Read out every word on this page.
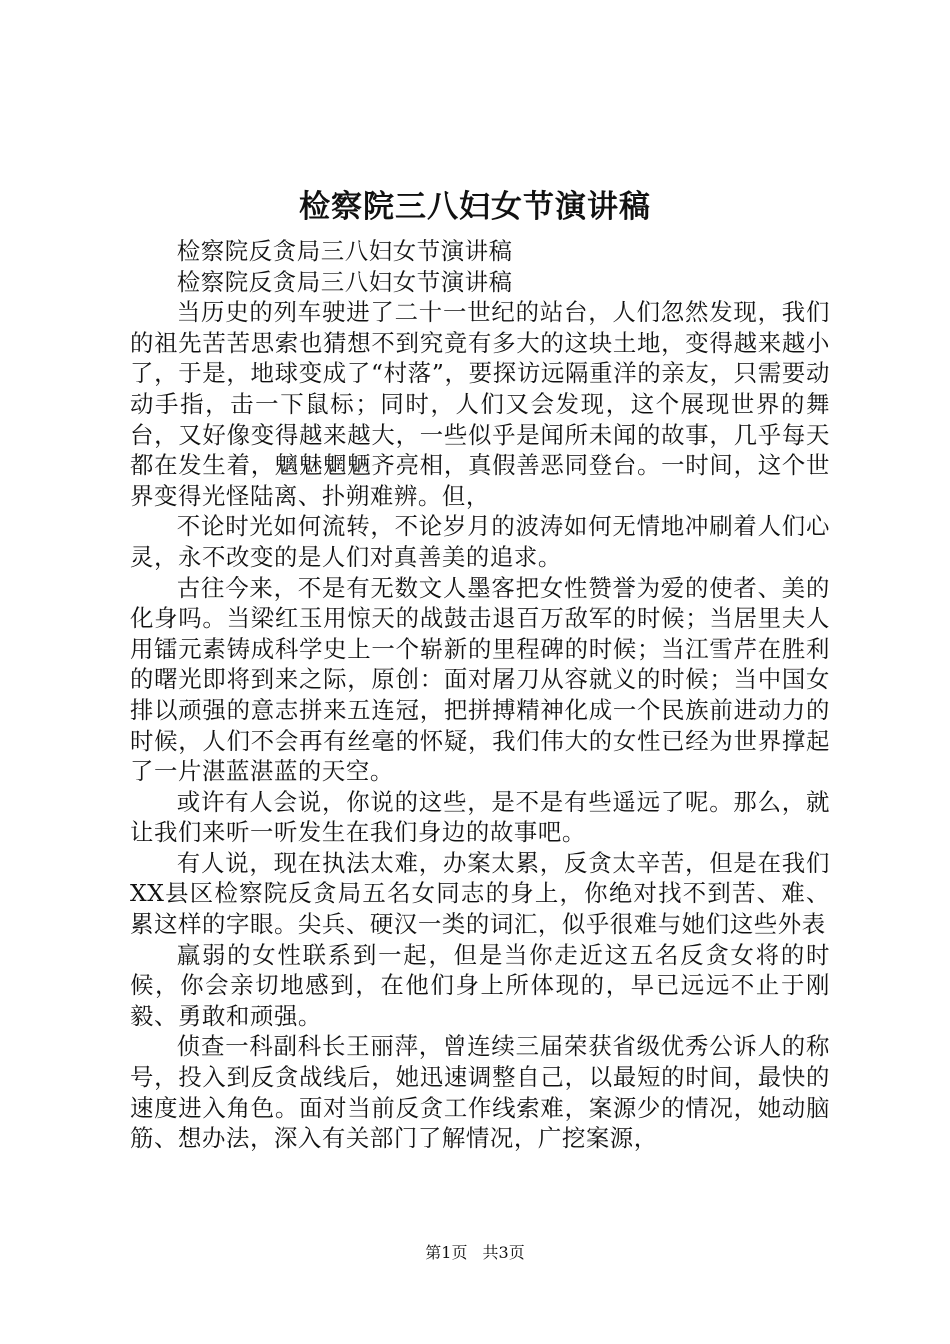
检察院三八妇女节演讲稿

检察院反贪局三八妇女节演讲稿

检察院反贪局三八妇女节演讲稿

当历史的列车驶进了二十一世纪的站台，人们忽然发现，我们的祖先苦苦思索也猜想不到究竟有多大的这块土地，变得越来越小了，于是，地球变成了“村落”，要探访远隔重洋的亲友，只需要动动手指，击一下鼠标；同时，人们又会发现，这个展现世界的舞台，又好像变得越来越大，一些似乎是闻所未闻的故事，几乎每天都在发生着，魑魅魍魉齐亮相，真假善恶同登台。一时间，这个世界变得光怪陆离、扑朔难辨。但，

不论时光如何流转，不论岁月的波涛如何无情地冲刷着人们心灵，永不改变的是人们对真善美的追求。

古往今来，不是有无数文人墨客把女性赞誉为爱的使者、美的化身吗。当梁红玉用惊天的战鼓击退百万敌军的时候；当居里夫人用镭元素铸成科学史上一个崭新的里程碑的时候；当江雪芹在胜利的曙光即将到来之际，原创：面对屠刀从容就义的时候；当中国女排以顽强的意志拼来五连冠，把拼搏精神化成一个民族前进动力的时候，人们不会再有丝毫的怀疑，我们伟大的女性已经为世界撑起了一片湛蓝湛蓝的天空。

或许有人会说，你说的这些，是不是有些遥远了呢。那么，就让我们来听一听发生在我们身边的故事吧。

有人说，现在执法太难，办案太累，反贪太辛苦，但是在我们XX县区检察院反贪局五名女同志的身上，你绝对找不到苦、难、累这样的字眼。尖兵、硬汉一类的词汇，似乎很难与她们这些外表

羸弱的女性联系到一起，但是当你走近这五名反贪女将的时候，你会亲切地感到，在他们身上所体现的，早已远远不止于刚毅、勇敢和顽强。

侦查一科副科长王丽萍，曾连续三届荣获省级优秀公诉人的称号，投入到反贪战线后，她迅速调整自己，以最短的时间，最快的速度进入角色。面对当前反贪工作线索难，案源少的情况，她动脑筋、想办法，深入有关部门了解情况，广挖案源，

第1页 共3页
